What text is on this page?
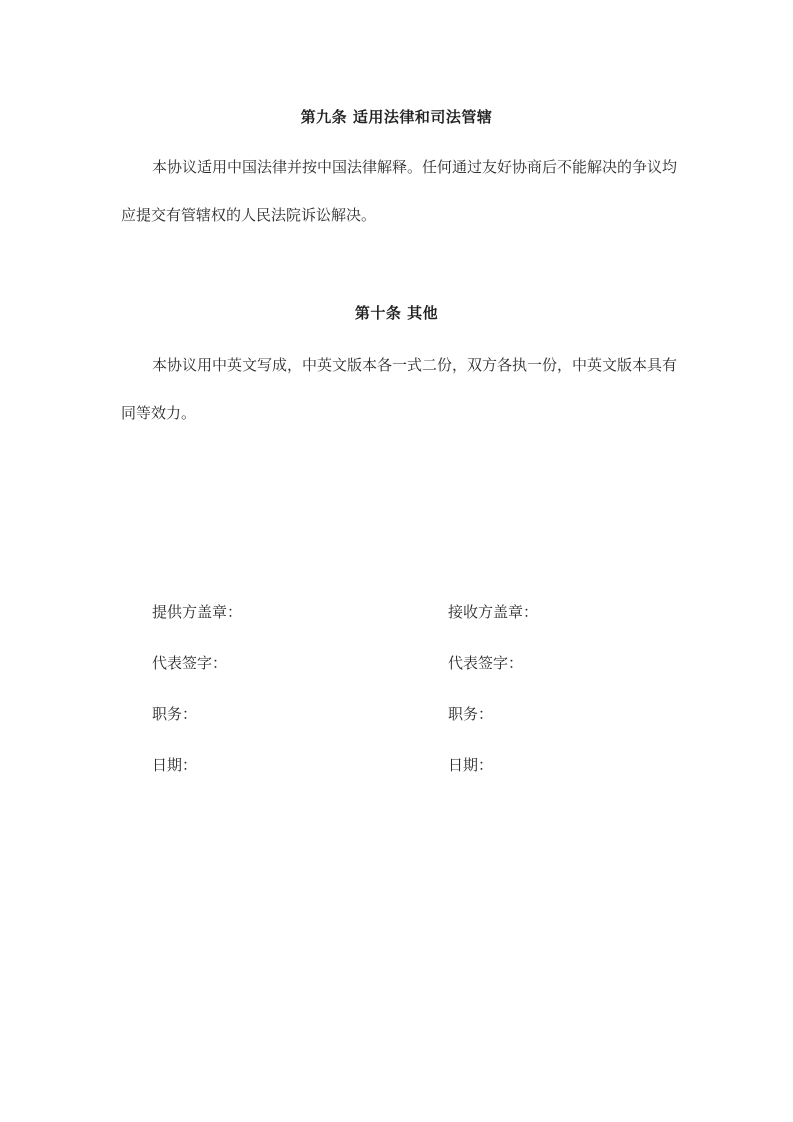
第九条 适用法律和司法管辖
本协议适用中国法律并按中国法律解释。任何通过友好协商后不能解决的争议均应提交有管辖权的人民法院诉讼解决。
第十条 其他
本协议用中英文写成，中英文版本各一式二份，双方各执一份，中英文版本具有同等效力。
提供方盖章：
代表签字：
职务：
日期：
接收方盖章：
代表签字：
职务：
日期：
